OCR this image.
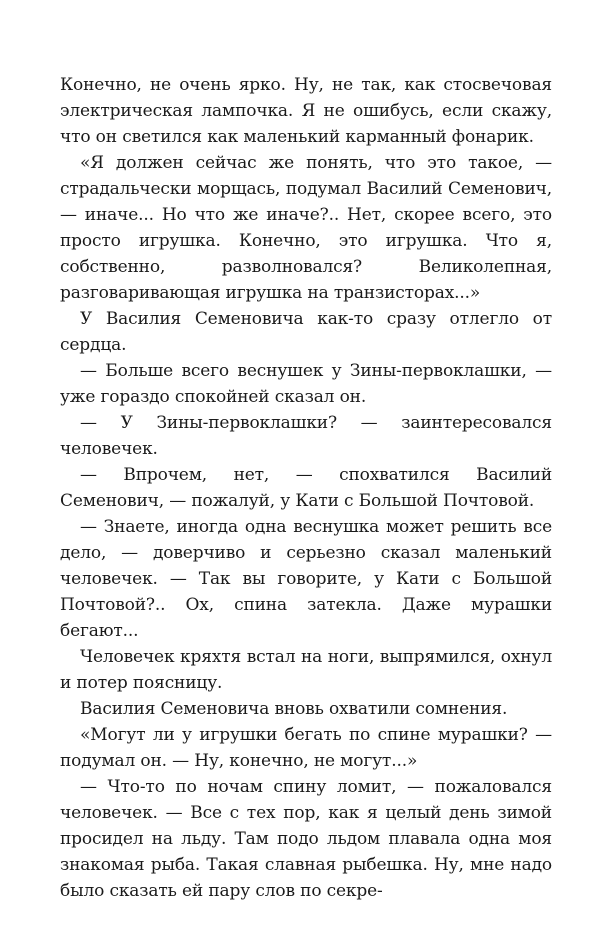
Конечно, не очень ярко. Ну, не так, как стосвечовая электрическая лампочка. Я не ошибусь, если скажу, что он светился как маленький карманный фонарик.

«Я должен сейчас же понять, что это такое, — страдальчески морщась, подумал Василий Семенович, — иначе... Но что же иначе?.. Нет, скорее всего, это просто игрушка. Конечно, это игрушка. Что я, собственно, разволновался? Великолепная, разговаривающая игрушка на транзисторах...»

У Василия Семеновича как-то сразу отлегло от сердца.

— Больше всего веснушек у Зины-первоклашки, — уже гораздо спокойней сказал он.

— У Зины-первоклашки? — заинтересовался человечек.

— Впрочем, нет, — спохватился Василий Семенович, — пожалуй, у Кати с Большой Почтовой.

— Знаете, иногда одна веснушка может решить все дело, — доверчиво и серьезно сказал маленький человечек. — Так вы говорите, у Кати с Большой Почтовой?.. Ох, спина затекла. Даже мурашки бегают...

Человечек кряхтя встал на ноги, выпрямился, охнул и потер поясницу.

Василия Семеновича вновь охватили сомнения.

«Могут ли у игрушки бегать по спине мурашки? — подумал он. — Ну, конечно, не могут...»

— Что-то по ночам спину ломит, — пожаловался человечек. — Все с тех пор, как я целый день зимой просидел на льду. Там подо льдом плавала одна моя знакомая рыба. Такая славная рыбешка. Ну, мне надо было сказать ей пару слов по секре-
